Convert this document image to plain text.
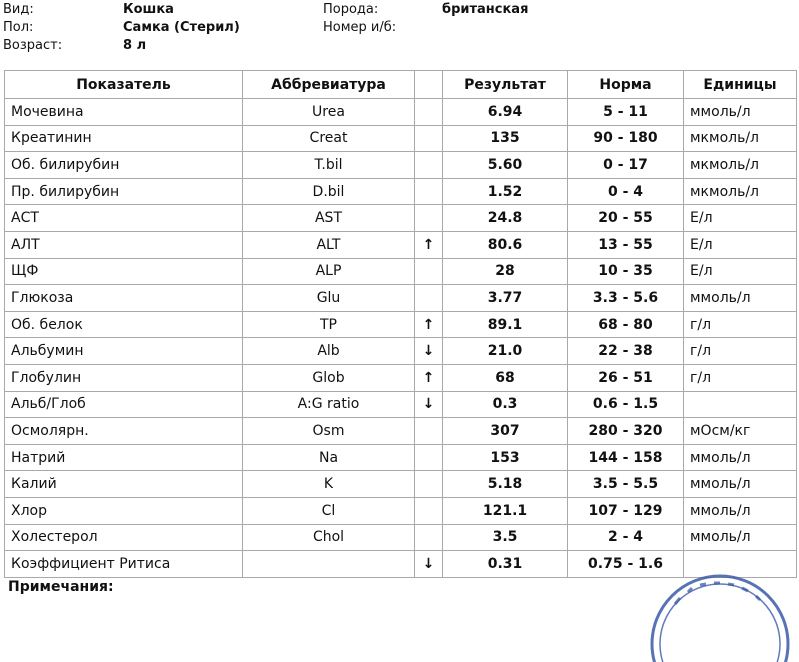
Вид:	Кошка
Пол:	Самка (Стерил)
Возраст:	8 л
Порода:	британская
Номер и/б:
Показатель	Аббревиатура		Результат	Норма	Единицы
Мочевина	Urea		6.94	5 - 11	ммоль/л
Креатинин	Creat		135	90 - 180	мкмоль/л
Об. билирубин	T.bil		5.60	0 - 17	мкмоль/л
Пр. билирубин	D.bil		1.52	0 - 4	мкмоль/л
АСТ	AST		24.8	20 - 55	Е/л
АЛТ	ALT	↑	80.6	13 - 55	Е/л
ЩФ	ALP		28	10 - 35	Е/л
Глюкоза	Glu		3.77	3.3 - 5.6	ммоль/л
Об. белок	TP	↑	89.1	68 - 80	г/л
Альбумин	Alb	↓	21.0	22 - 38	г/л
Глобулин	Glob	↑	68	26 - 51	г/л
Альб/Глоб	A:G ratio	↓	0.3	0.6 - 1.5	
Осмолярн.	Osm		307	280 - 320	мОсм/кг
Натрий	Na		153	144 - 158	ммоль/л
Калий	K		5.18	3.5 - 5.5	ммоль/л
Хлор	Cl		121.1	107 - 129	ммоль/л
Холестерол	Chol		3.5	2 - 4	ммоль/л
Коэффициент Ритиса		↓	0.31	0.75 - 1.6	
Примечания:
